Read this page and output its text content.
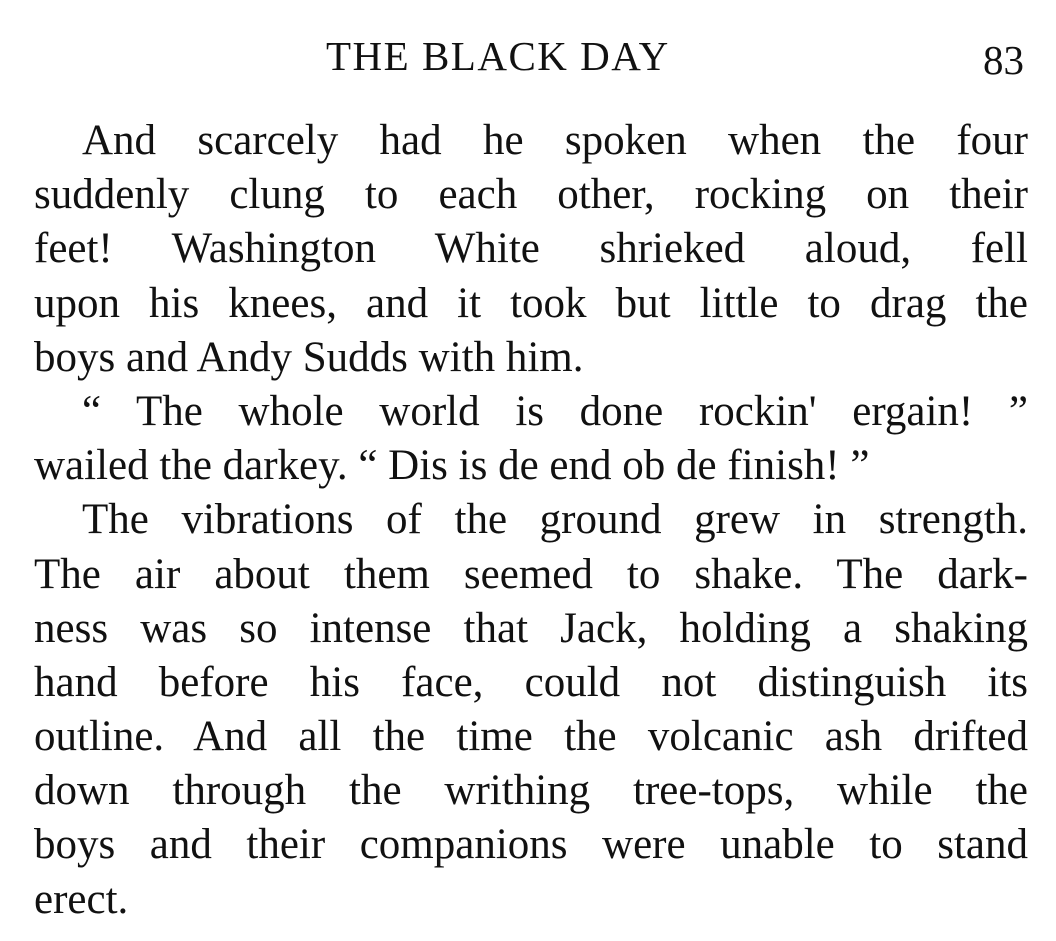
THE BLACK DAY	83
And scarcely had he spoken when the four
suddenly clung to each other, rocking on their
feet! Washington White shrieked aloud, fell
upon his knees, and it took but little to drag the
boys and Andy Sudds with him.
“ The whole world is done rockin' ergain! ”
wailed the darkey. “ Dis is de end ob de finish! ”
The vibrations of the ground grew in strength.
The air about them seemed to shake. The dark-
ness was so intense that Jack, holding a shaking
hand before his face, could not distinguish its
outline. And all the time the volcanic ash drifted
down through the writhing tree-tops, while the
boys and their companions were unable to stand
erect.
